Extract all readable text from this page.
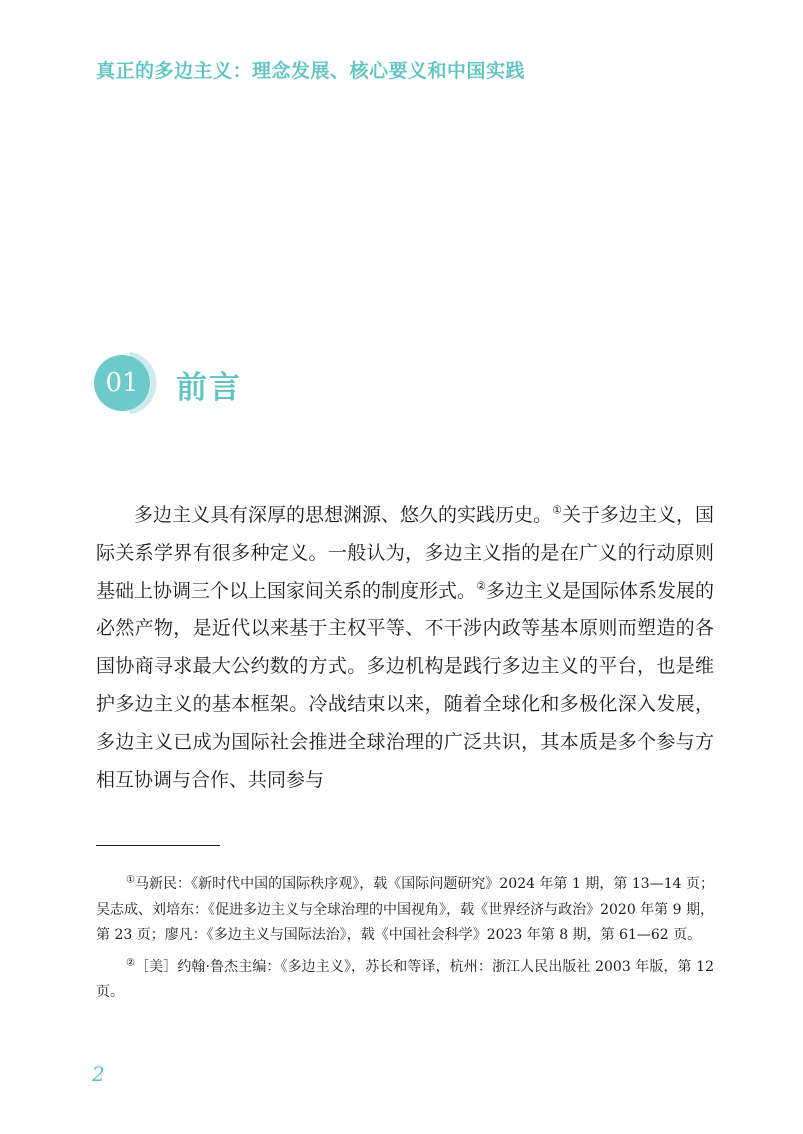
真正的多边主义：理念发展、核心要义和中国实践
01	前言

多边主义具有深厚的思想渊源、悠久的实践历史。①关于多边主义，国际关系学界有很多种定义。一般认为，多边主义指的是在广义的行动原则基础上协调三个以上国家间关系的制度形式。②多边主义是国际体系发展的必然产物，是近代以来基于主权平等、不干涉内政等基本原则而塑造的各国协商寻求最大公约数的方式。多边机构是践行多边主义的平台，也是维护多边主义的基本框架。冷战结束以来，随着全球化和多极化深入发展，多边主义已成为国际社会推进全球治理的广泛共识，其本质是多个参与方相互协调与合作、共同参与

①马新民：《新时代中国的国际秩序观》，载《国际问题研究》2024 年第 1 期，第 13—14 页；吴志成、刘培东：《促进多边主义与全球治理的中国视角》，载《世界经济与政治》2020 年第 9 期，第 23 页；廖凡：《多边主义与国际法治》，载《中国社会科学》2023 年第 8 期，第 61—62 页。

②［美］约翰·鲁杰主编：《多边主义》，苏长和等译，杭州：浙江人民出版社 2003 年版，第 12 页。

2
